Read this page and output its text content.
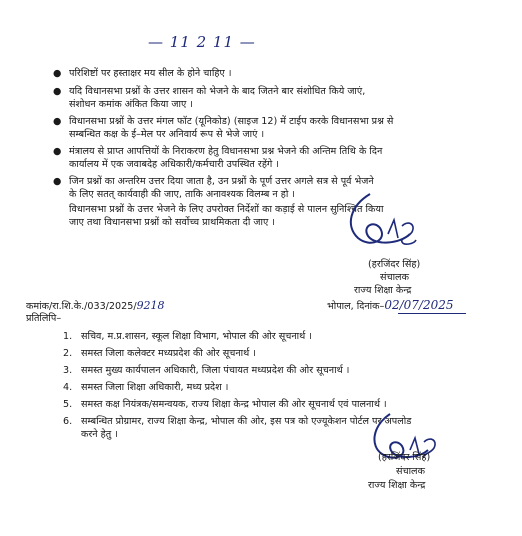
— 11 2 11 —
● परिशिष्टों पर हस्ताक्षर मय सील के होने चाहिए ।
● यदि विधानसभा प्रश्नों के उत्तर शासन को भेजने के बाद जितने बार संशोधित किये जाएं,
संशोधन कमांक अंकित किया जाए ।
● विधानसभा प्रश्नों के उत्तर मंगल फॉट (यूनिकोड) (साइज 12) में टाईप करके विधानसभा प्रश्न से
सम्बन्धित कक्ष के ई–मेल पर अनिवार्य रूप से भेजे जाएं ।
● मंत्रालय से प्राप्त आपत्तियों के निराकरण हेतु विधानसभा प्रश्न भेजने की अन्तिम तिथि के दिन
कार्यालय में एक जवाबदेह अधिकारी/कर्मचारी उपस्थित रहेंगे ।
● जिन प्रश्नों का अन्तरिम उत्तर दिया जाता है, उन प्रश्नों के पूर्ण उत्तर अगले सत्र से पूर्व भेजने
के लिए सतत् कार्यवाही की जाए, ताकि अनावश्यक विलम्ब न हो ।
विधानसभा प्रश्नों के उत्तर भेजने के लिए उपरोक्त निर्देशों का कड़ाई से पालन सुनिश्चित किया
जाए तथा विधानसभा प्रश्नों को सर्वोच्च प्राथमिकता दी जाए ।
(हरजिंदर सिंह)
संचालक
राज्य शिक्षा केन्द्र
कमांक/रा.शि.के./033/2025/9218	भोपाल, दिनांक–02/07/2025
प्रतिलिपि–
1. सचिव, म.प्र.शासन, स्कूल शिक्षा विभाग, भोपाल की ओर सूचनार्थ ।
2. समस्त जिला कलेक्टर मध्यप्रदेश की ओर सूचनार्थ ।
3. समस्त मुख्य कार्यपालन अधिकारी, जिला पंचायत मध्यप्रदेश की ओर सूचनार्थ ।
4. समस्त जिला शिक्षा अधिकारी, मध्य प्रदेश ।
5. समस्त कक्ष नियंत्रक/समन्वयक, राज्य शिक्षा केन्द्र भोपाल की ओर सूचनार्थ एवं पालनार्थ ।
6. सम्बन्धित प्रोग्रामर, राज्य शिक्षा केन्द्र, भोपाल की ओर, इस पत्र को एज्यूकेशन पोर्टल पर अपलोड
करने हेतु ।
(हरजिंदर सिंह)
संचालक
राज्य शिक्षा केन्द्र
